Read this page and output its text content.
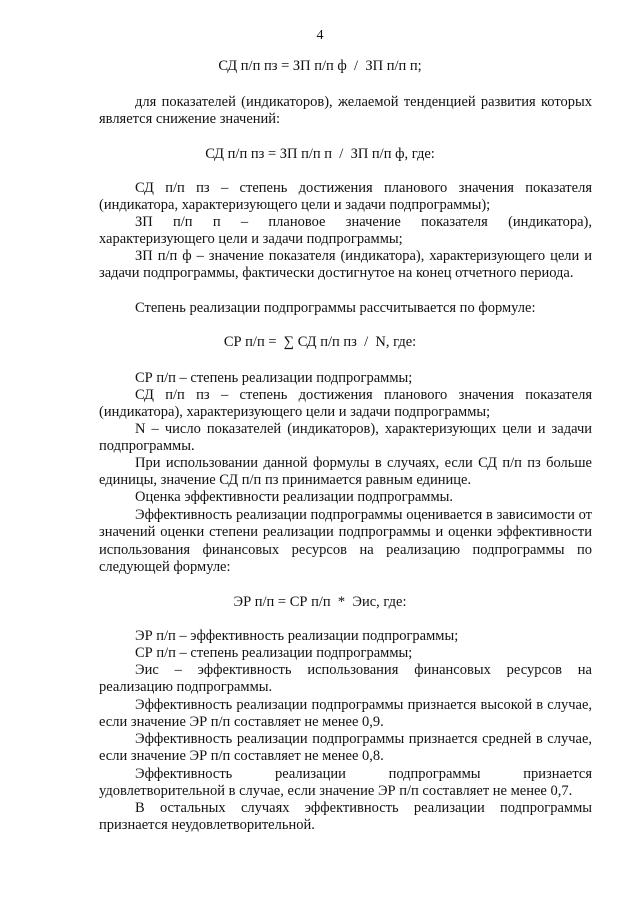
4
СД п/п пз = ЗП п/п ф  /  ЗП п/п п;
для показателей (индикаторов), желаемой тенденцией развития которых является снижение значений:
СД п/п пз = ЗП п/п п  /  ЗП п/п ф, где:
СД п/п пз – степень достижения планового значения показателя (индикатора, характеризующего цели и задачи подпрограммы);
ЗП п/п п – плановое значение показателя (индикатора), характеризующего цели и задачи подпрограммы;
ЗП п/п ф – значение показателя (индикатора), характеризующего цели и задачи подпрограммы, фактически достигнутое на конец отчетного периода.
Степень реализации подпрограммы рассчитывается по формуле:
СР п/п =  ∑ СД п/п пз  /  N, где:
СР п/п – степень реализации подпрограммы;
СД п/п пз – степень достижения планового значения показателя (индикатора), характеризующего цели и задачи подпрограммы;
N – число показателей (индикаторов), характеризующих цели и задачи подпрограммы.
При использовании данной формулы в случаях, если СД п/п пз больше единицы, значение СД п/п пз принимается равным единице.
Оценка эффективности реализации подпрограммы.
Эффективность реализации подпрограммы оценивается в зависимости от значений оценки степени реализации подпрограммы и оценки эффективности использования финансовых ресурсов на реализацию подпрограммы по следующей формуле:
ЭР п/п = СР п/п  *  Эис, где:
ЭР п/п – эффективность реализации подпрограммы;
СР п/п – степень реализации подпрограммы;
Эис – эффективность использования финансовых ресурсов на реализацию подпрограммы.
Эффективность реализации подпрограммы признается высокой в случае, если значение ЭР п/п составляет не менее 0,9.
Эффективность реализации подпрограммы признается средней в случае, если значение ЭР п/п составляет не менее 0,8.
Эффективность реализации подпрограммы признается удовлетворительной в случае, если значение ЭР п/п составляет не менее 0,7.
В остальных случаях эффективность реализации подпрограммы признается неудовлетворительной.
